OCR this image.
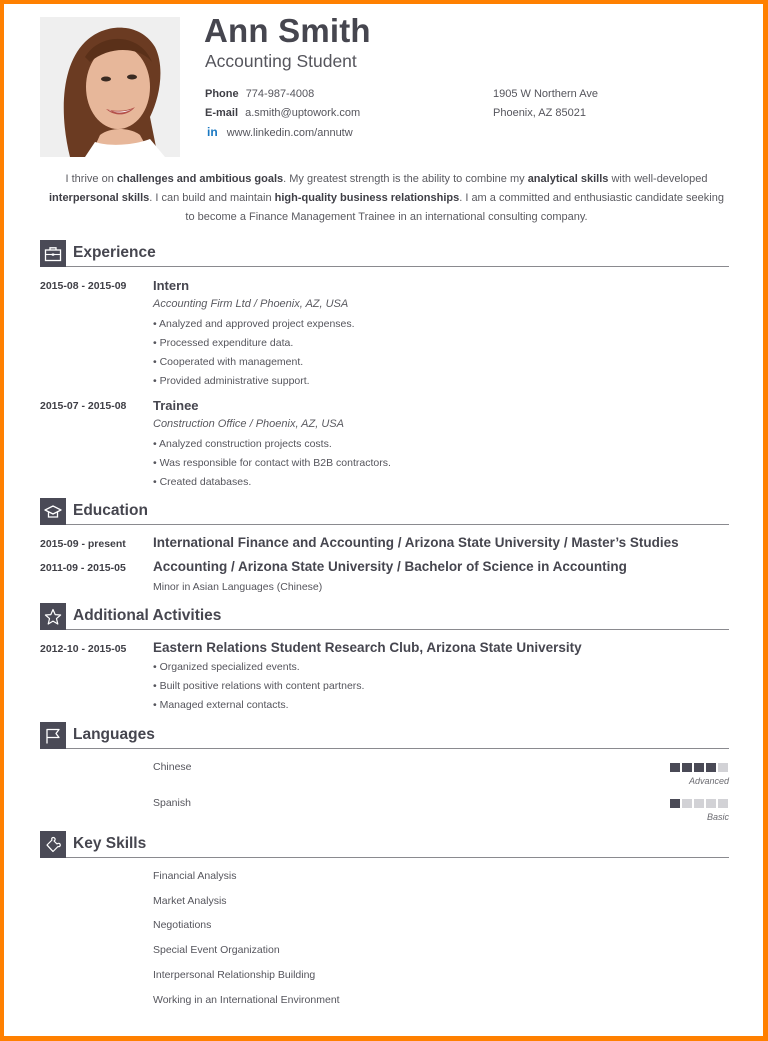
Ann Smith
Accounting Student
Phone 774-987-4008
E-mail a.smith@uptowork.com
in www.linkedin.com/annutw
1905 W Northern Ave
Phoenix, AZ 85021
I thrive on challenges and ambitious goals. My greatest strength is the ability to combine my analytical skills with well-developed interpersonal skills. I can build and maintain high-quality business relationships. I am a committed and enthusiastic candidate seeking to become a Finance Management Trainee in an international consulting company.
Experience
2015-08 - 2015-09 Intern
Accounting Firm Ltd / Phoenix, AZ, USA
• Analyzed and approved project expenses.
• Processed expenditure data.
• Cooperated with management.
• Provided administrative support.
2015-07 - 2015-08 Trainee
Construction Office / Phoenix, AZ, USA
• Analyzed construction projects costs.
• Was responsible for contact with B2B contractors.
• Created databases.
Education
2015-09 - present International Finance and Accounting / Arizona State University / Master’s Studies
2011-09 - 2015-05 Accounting / Arizona State University / Bachelor of Science in Accounting
Minor in Asian Languages (Chinese)
Additional Activities
2012-10 - 2015-05 Eastern Relations Student Research Club, Arizona State University
• Organized specialized events.
• Built positive relations with content partners.
• Managed external contacts.
Languages
Chinese
Advanced
Spanish
Basic
Key Skills
Financial Analysis
Market Analysis
Negotiations
Special Event Organization
Interpersonal Relationship Building
Working in an International Environment
